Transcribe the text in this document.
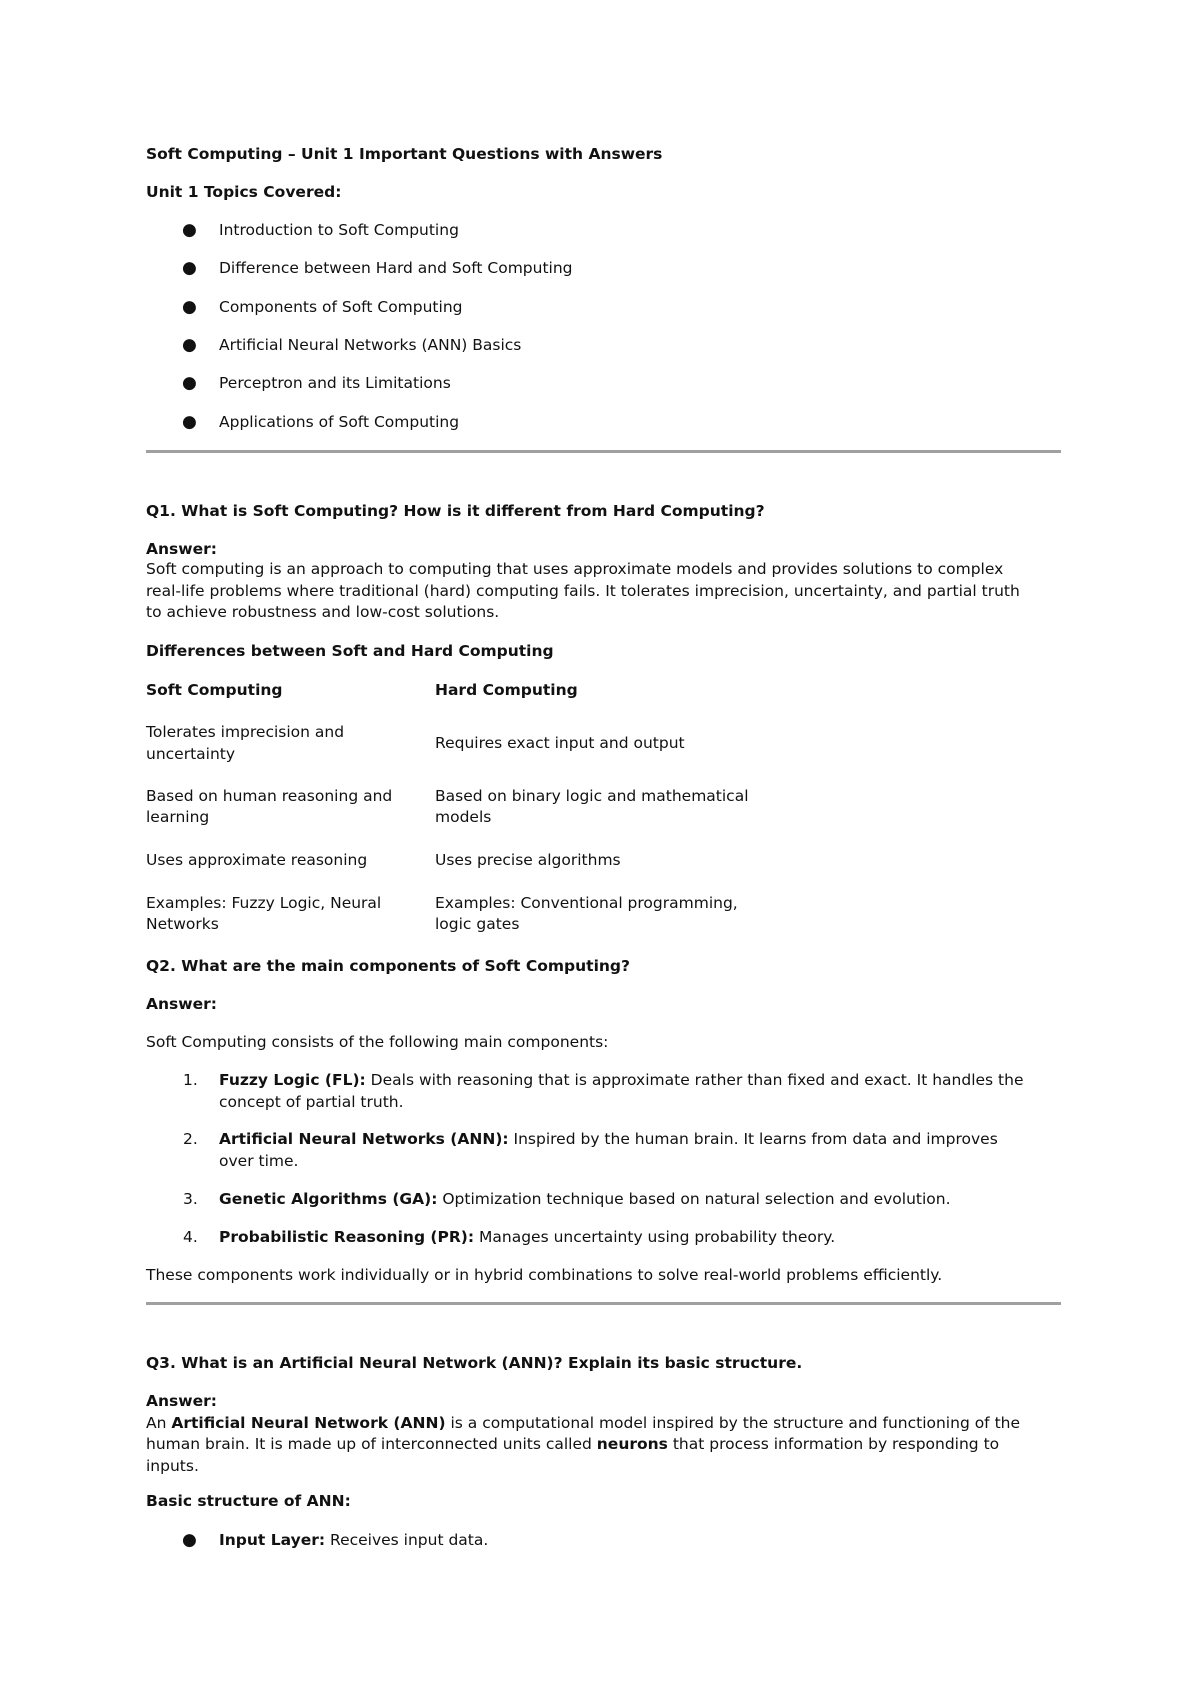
Soft Computing – Unit 1 Important Questions with Answers
Unit 1 Topics Covered:
● Introduction to Soft Computing
● Difference between Hard and Soft Computing
● Components of Soft Computing
● Artificial Neural Networks (ANN) Basics
● Perceptron and its Limitations
● Applications of Soft Computing
Q1. What is Soft Computing? How is it different from Hard Computing?
Answer:
Soft computing is an approach to computing that uses approximate models and provides solutions to complex
real-life problems where traditional (hard) computing fails. It tolerates imprecision, uncertainty, and partial truth
to achieve robustness and low-cost solutions.
Differences between Soft and Hard Computing
Soft Computing	Hard Computing
Tolerates imprecision and
uncertainty
Requires exact input and output
Based on human reasoning and
learning
Based on binary logic and mathematical
models
Uses approximate reasoning	Uses precise algorithms
Examples: Fuzzy Logic, Neural
Networks
Examples: Conventional programming,
logic gates
Q2. What are the main components of Soft Computing?
Answer:
Soft Computing consists of the following main components:
1. Fuzzy Logic (FL): Deals with reasoning that is approximate rather than fixed and exact. It handles the
concept of partial truth.
2. Artificial Neural Networks (ANN): Inspired by the human brain. It learns from data and improves
over time.
3. Genetic Algorithms (GA): Optimization technique based on natural selection and evolution.
4. Probabilistic Reasoning (PR): Manages uncertainty using probability theory.
These components work individually or in hybrid combinations to solve real-world problems efficiently.
Q3. What is an Artificial Neural Network (ANN)? Explain its basic structure.
Answer:
An Artificial Neural Network (ANN) is a computational model inspired by the structure and functioning of the
human brain. It is made up of interconnected units called neurons that process information by responding to
inputs.
Basic structure of ANN:
● Input Layer: Receives input data.
